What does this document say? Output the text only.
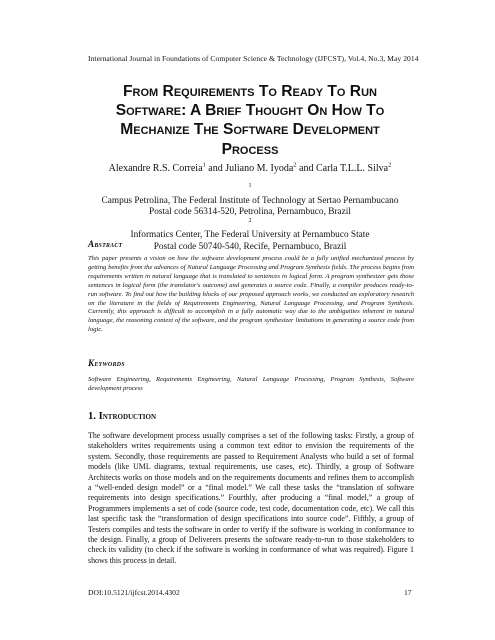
International Journal in Foundations of Computer Science & Technology (IJFCST), Vol.4, No.3, May 2014
From Requirements To Ready To Run
Software: A Brief Thought On How To
Mechanize The Software Development
Process
Alexandre R.S. Correia$^1$ and Juliano M. Iyoda$^2$ and Carla T.L.L. Silva$^2$
$^1$
Campus Petrolina, The Federal Institute of Technology at Sertao Pernambucano
Postal code 56314-520, Petrolina, Pernambuco, Brazil
$^2$
Informatics Center, The Federal University at Pernambuco State
Postal code 50740-540, Recife, Pernambuco, Brazil
Abstract
This paper presents a vision on how the software development process could be a fully unified mechanized process by getting benefits from the advances of Natural Language Processing and Program Synthesis fields. The process begins from requirements written in natural language that is translated to sentences in logical form. A program synthesizer gets those sentences in logical form (the translator's outcome) and generates a source code. Finally, a compiler produces ready-to-run software. To find out how the building blocks of our proposed approach works, we conducted an exploratory research on the literature in the fields of Requirements Engineering, Natural Language Processing, and Program Synthesis. Currently, this approach is difficult to accomplish in a fully automatic way due to the ambiguities inherent in natural language, the reasoning context of the software, and the program synthesizer limitations in generating a source code from logic.
Keywords
Software Engineering, Requirements Engineering, Natural Language Processing, Program Synthesis, Software development process
1. Introduction
The software development process usually comprises a set of the following tasks: Firstly, a group of stakeholders writes requirements using a common text editor to envision the requirements of the system. Secondly, those requirements are passed to Requirement Analysts who build a set of formal models (like UML diagrams, textual requirements, use cases, etc). Thirdly, a group of Software Architects works on those models and on the requirements documents and refines them to accomplish a “well-ended design model” or a “final model.” We call these tasks the “translation of software requirements into design specifications.” Fourthly, after producing a “final model,” a group of Programmers implements a set of code (source code, test code, documentation code, etc). We call this last specific task the “transformation of design specifications into source code”. Fifthly, a group of Testers compiles and tests the software in order to verify if the software is working in conformance to the design. Finally, a group of Deliverers presents the software ready-to-run to those stakeholders to check its validity (to check if the software is working in conformance of what was required). Figure 1 shows this process in detail.
DOI:10.5121/ijfcst.2014.4302	17
